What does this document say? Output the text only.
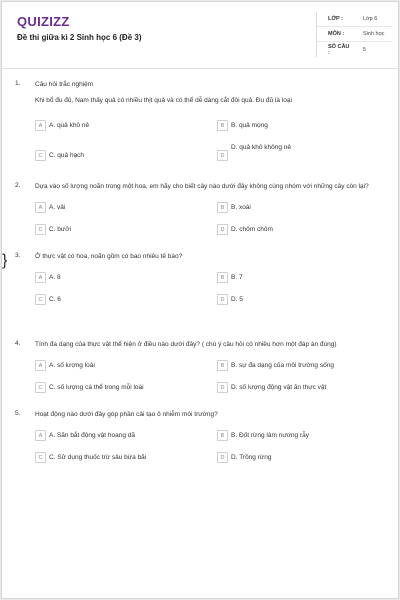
QUIZIZZ
Đề thi giữa kì 2 Sinh học 6 (Đề 3)
LỚP :	Lớp 6
MÔN :	Sinh học
SỐ CÂU :	5
1. Câu hỏi trắc nghiệm
Khi bổ đu đủ, Nam thấy quả có nhiều thịt quả và có thể dễ dàng cắt đôi quả. Đu đủ là loại
A	A. quả khô nẻ	B	B. quả mọng
C	C. quả hạch	D
D. quả khô không nẻ
2. Dựa vào số lượng noãn trong một hoa, em hãy cho biết cây nào dưới đây không cùng nhóm với những cây còn lại?
A	A. vải	B	B. xoài
C	C. bưởi	D	D. chôm chôm
3. Ở thực vật có hoa, noãn gồm có bao nhiêu tế bào?
A	A. 8	B	B. 7
C	C. 6	D	D. 5
}
4. Tính đa dạng của thực vật thể hiện ở điều nào dưới đây? ( chú ý câu hỏi có nhiều hơn một đáp án đúng)
A	A. số lượng loài	B	B. sự đa dạng của môi trường sống
C	C. số lượng cá thể trong mỗi loài	D	D. số lượng động vật ăn thực vật
5. Hoạt động nào dưới đây góp phần cải tạo ô nhiễm môi trường?
A	A. Săn bắt động vật hoang dã	B	B. Đốt rừng làm nương rẫy
C	C. Sử dụng thuốc trừ sâu bừa bãi	D	D. Trồng rừng
